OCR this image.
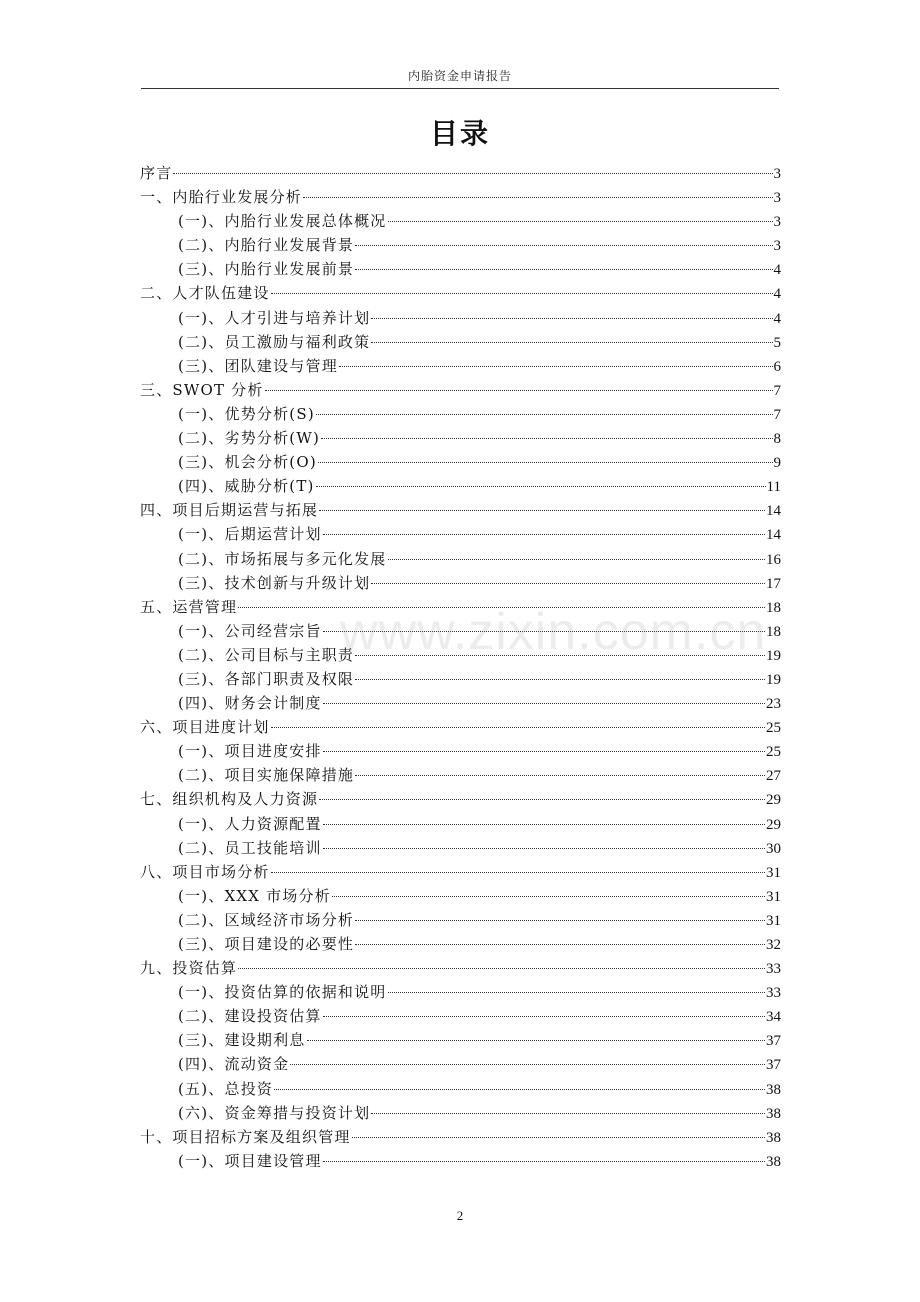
内胎资金申请报告
目录
序言	3
一、内胎行业发展分析	3
(一)、内胎行业发展总体概况	3
(二)、内胎行业发展背景	3
(三)、内胎行业发展前景	4
二、人才队伍建设	4
(一)、人才引进与培养计划	4
(二)、员工激励与福利政策	5
(三)、团队建设与管理	6
三、SWOT 分析	7
(一)、优势分析(S)	7
(二)、劣势分析(W)	8
(三)、机会分析(O)	9
(四)、威胁分析(T)	11
四、项目后期运营与拓展	14
(一)、后期运营计划	14
(二)、市场拓展与多元化发展	16
(三)、技术创新与升级计划	17
五、运营管理	18
(一)、公司经营宗旨	18
(二)、公司目标与主职责	19
(三)、各部门职责及权限	19
(四)、财务会计制度	23
六、项目进度计划	25
(一)、项目进度安排	25
(二)、项目实施保障措施	27
七、组织机构及人力资源	29
(一)、人力资源配置	29
(二)、员工技能培训	30
八、项目市场分析	31
(一)、XXX 市场分析	31
(二)、区域经济市场分析	31
(三)、项目建设的必要性	32
九、投资估算	33
(一)、投资估算的依据和说明	33
(二)、建设投资估算	34
(三)、建设期利息	37
(四)、流动资金	37
(五)、总投资	38
(六)、资金筹措与投资计划	38
十、项目招标方案及组织管理	38
(一)、项目建设管理	38
www.zixin.com.cn
2
